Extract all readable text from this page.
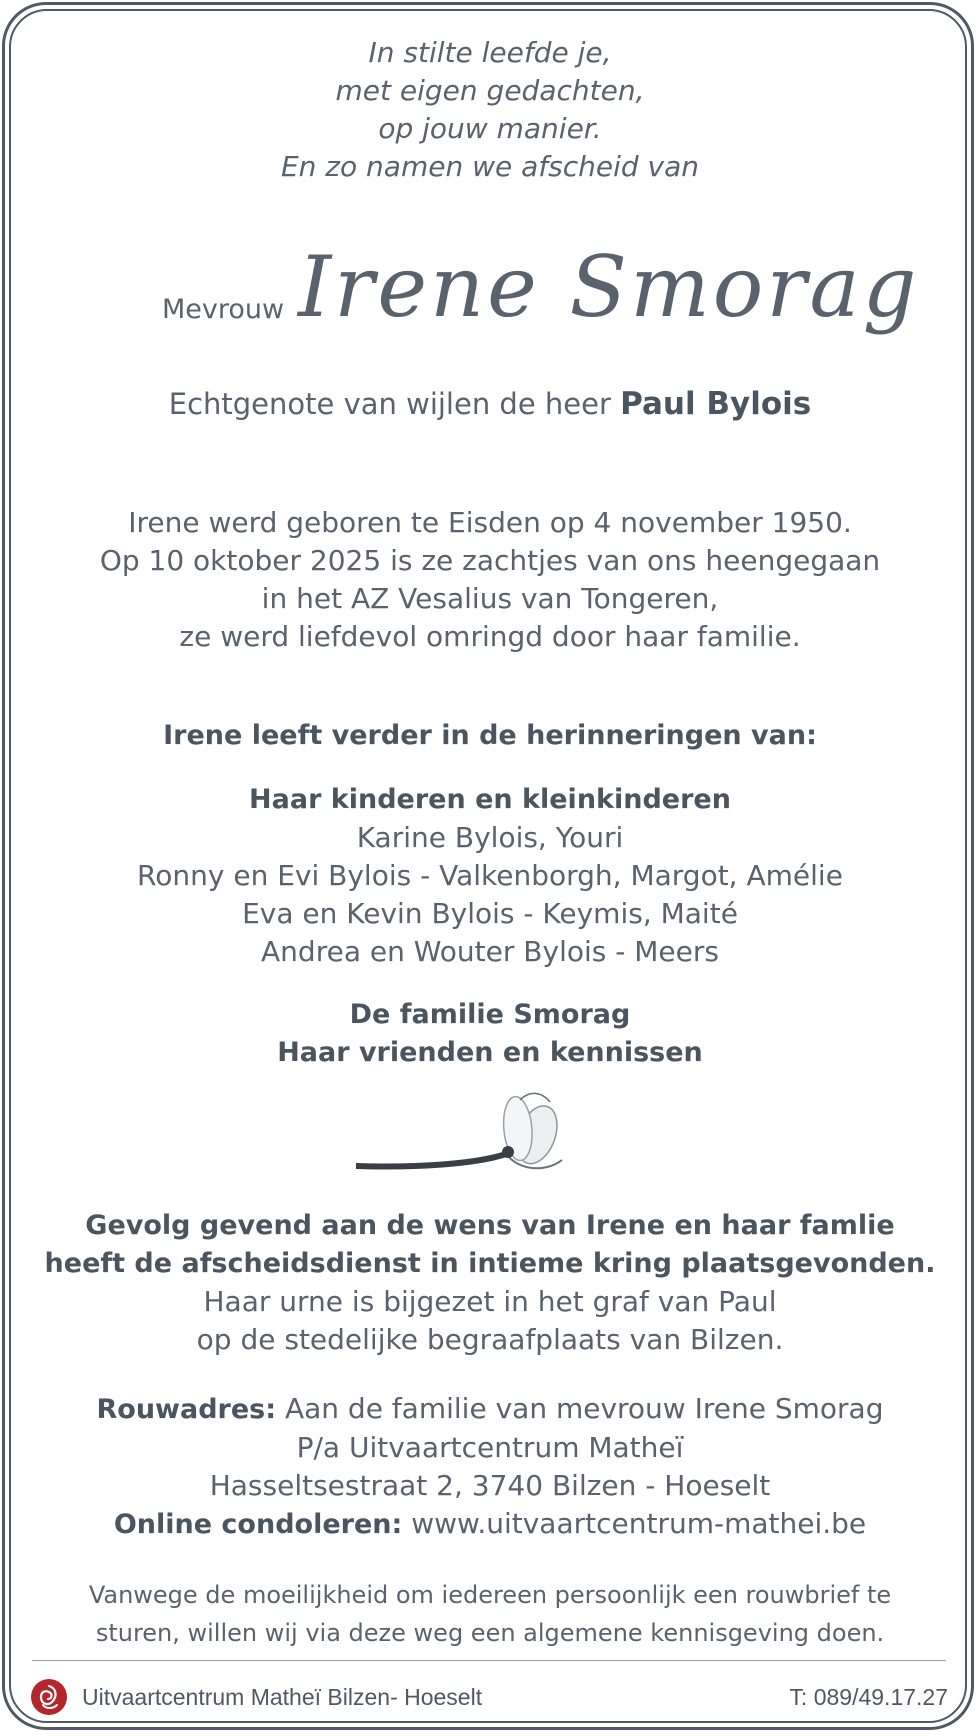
In stilte leefde je,
met eigen gedachten,
op jouw manier.
En zo namen we afscheid van
Mevrouw Irene Smorag
Echtgenote van wijlen de heer Paul Bylois
Irene werd geboren te Eisden op 4 november 1950.
Op 10 oktober 2025 is ze zachtjes van ons heengegaan
in het AZ Vesalius van Tongeren,
ze werd liefdevol omringd door haar familie.
Irene leeft verder in de herinneringen van:
Haar kinderen en kleinkinderen
Karine Bylois, Youri
Ronny en Evi Bylois - Valkenborgh, Margot, Amélie
Eva en Kevin Bylois - Keymis, Maité
Andrea en Wouter Bylois - Meers
De familie Smorag
Haar vrienden en kennissen
Gevolg gevend aan de wens van Irene en haar famlie
heeft de afscheidsdienst in intieme kring plaatsgevonden.
Haar urne is bijgezet in het graf van Paul
op de stedelijke begraafplaats van Bilzen.
Rouwadres: Aan de familie van mevrouw Irene Smorag
P/a Uitvaartcentrum Matheï
Hasseltsestraat 2, 3740 Bilzen - Hoeselt
Online condoleren: www.uitvaartcentrum-mathei.be
Vanwege de moeilijkheid om iedereen persoonlijk een rouwbrief te
sturen, willen wij via deze weg een algemene kennisgeving doen.
Uitvaartcentrum Matheï Bilzen- Hoeselt	T: 089/49.17.27
